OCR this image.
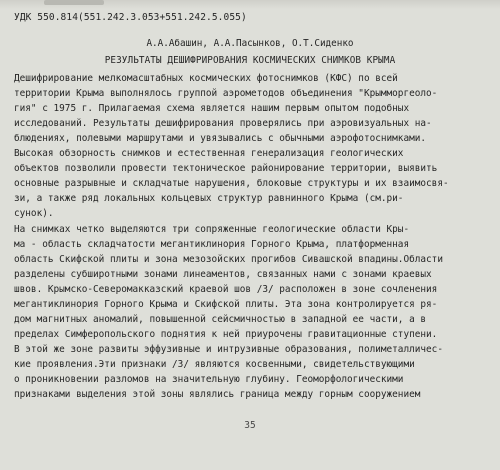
УДК 550.814(551.242.3.053+551.242.5.055)
А.А.Абашин, А.А.Пасынков, О.Т.Сиденко
РЕЗУЛЬТАТЫ ДЕШИФРИРОВАНИЯ КОСМИЧЕСКИХ СНИМКОВ КРЫМА
Дешифрирование мелкомасштабных космических фотоснимков (КФС) по всей
территории Крыма выполнялось группой аэрометодов объединения "Крымморгеоло-
гия" с 1975 г. Прилагаемая схема является нашим первым опытом подобных
исследований. Результаты дешифрирования проверялись при аэровизуальных на-
блюдениях, полевыми маршрутами и увязывались с обычными аэрофотоснимками.
Высокая обзорность снимков и естественная генерализация геологических
объектов позволили провести тектоническое районирование территории, выявить
основные разрывные и складчатые нарушения, блоковые структуры и их взаимосвя-
зи, а также ряд локальных кольцевых структур равнинного Крыма (см.ри-
сунок).
На снимках четко выделяются три сопряженные геологические области Кры-
ма - область складчатости мегантиклинория Горного Крыма, платформенная
область Скифской плиты и зона мезозойских прогибов Сивашской впадины.Области
разделены субширотными зонами линеаментов, связанных нами с зонами краевых
швов. Крымско-Северомакказский краевой шов /3/ расположен в зоне сочленения
мегантиклинория Горного Крыма и Скифской плиты. Эта зона контролируется ря-
дом магнитных аномалий, повышенной сейсмичностью в западной ее части, а в
пределах Симферопольского поднятия к ней приурочены гравитационные ступени.
В этой же зоне развиты эффузивные и интрузивные образования, полиметалличес-
кие проявления.Эти признаки /3/ являются косвенными, свидетельствующими
о проникновении разломов на значительную глубину. Геоморфологическими
признаками выделения этой зоны являлись граница между горным сооружением
35
